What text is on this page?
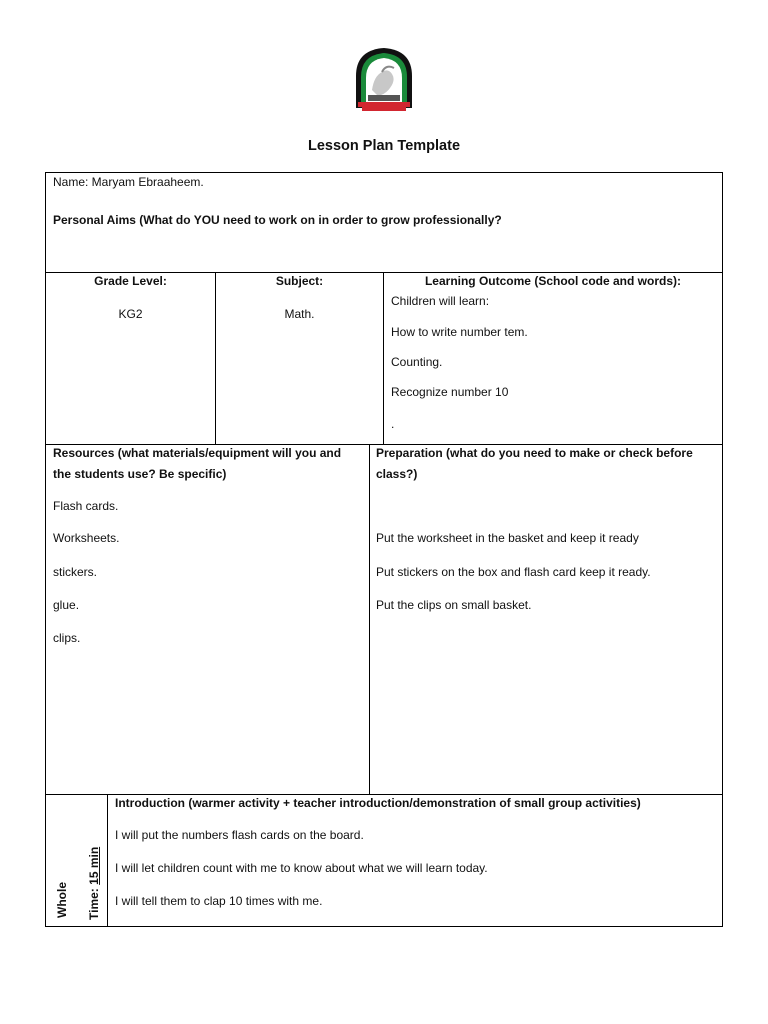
Lesson Plan Template
Name: Maryam Ebraaheem.
Personal Aims (What do YOU need to work on in order to grow professionally?
Grade Level:
KG2
Subject:
Math.
Learning Outcome (School code and words):
Children will learn:
How to write number tem.
Counting.
Recognize number 10
.
Resources (what materials/equipment will you and
the students use? Be specific)
Flash cards.
Worksheets.
stickers.
glue.
clips.
Preparation (what do you need to make or check before
class?)
Put the worksheet in the basket and keep it ready
Put stickers on the box and flash card keep it ready.
Put the clips on small basket.
Whole Time: 15 min
Introduction (warmer activity + teacher introduction/demonstration of small group activities)
I will put the numbers flash cards on the board.
I will let children count with me to know about what we will learn today.
I will tell them to clap 10 times with me.
